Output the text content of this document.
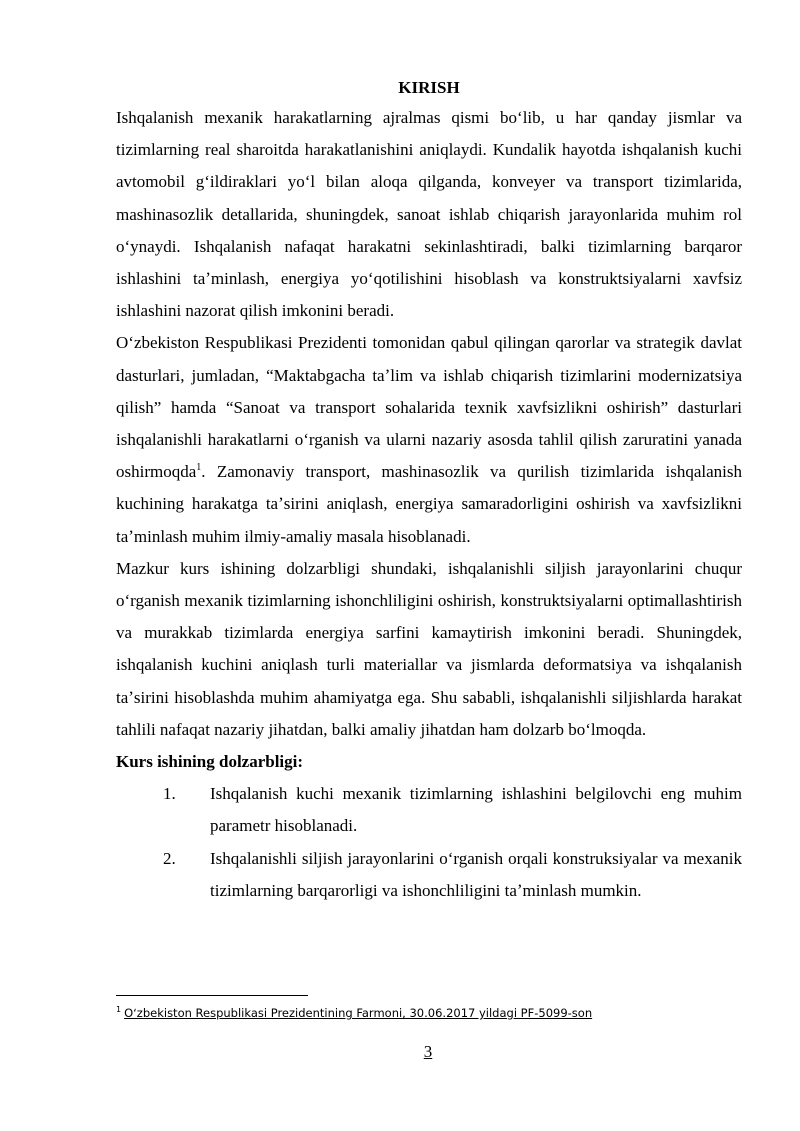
KIRISH

Ishqalanish mexanik harakatlarning ajralmas qismi boʻlib, u har qanday jismlar va tizimlarning real sharoitda harakatlanishini aniqlaydi. Kundalik hayotda ishqalanish kuchi avtomobil gʻildiraklari yoʻl bilan aloqa qilganda, konveyer va transport tizimlarida, mashinasozlik detallarida, shuningdek, sanoat ishlab chiqarish jarayonlarida muhim rol oʻynaydi. Ishqalanish nafaqat harakatni sekinlashtiradi, balki tizimlarning barqaror ishlashini taʼminlash, energiya yoʻqotilishini hisoblash va konstruktsiyalarni xavfsiz ishlashini nazorat qilish imkonini beradi.

Oʻzbekiston Respublikasi Prezidenti tomonidan qabul qilingan qarorlar va strategik davlat dasturlari, jumladan, “Maktabgacha taʼlim va ishlab chiqarish tizimlarini modernizatsiya qilish” hamda “Sanoat va transport sohalarida texnik xavfsizlikni oshirish” dasturlari ishqalanishli harakatlarni oʻrganish va ularni nazariy asosda tahlil qilish zaruratini yanada oshirmoqda$^1$. Zamonaviy transport, mashinasozlik va qurilish tizimlarida ishqalanish kuchining harakatga taʼsirini aniqlash, energiya samaradorligini oshirish va xavfsizlikni taʼminlash muhim ilmiy-amaliy masala hisoblanadi.

Mazkur kurs ishining dolzarbligi shundaki, ishqalanishli siljish jarayonlarini chuqur oʻrganish mexanik tizimlarning ishonchliligini oshirish, konstruktsiyalarni optimallashtirish va murakkab tizimlarda energiya sarfini kamaytirish imkonini beradi. Shuningdek, ishqalanish kuchini aniqlash turli materiallar va jismlarda deformatsiya va ishqalanish taʼsirini hisoblashda muhim ahamiyatga ega. Shu sababli, ishqalanishli siljishlarda harakat tahlili nafaqat nazariy jihatdan, balki amaliy jihatdan ham dolzarb boʻlmoqda.

Kurs ishining dolzarbligi:

1. Ishqalanish kuchi mexanik tizimlarning ishlashini belgilovchi eng muhim parametr hisoblanadi.
2. Ishqalanishli siljish jarayonlarini oʻrganish orqali konstruksiyalar va mexanik tizimlarning barqarorligi va ishonchliligini taʼminlash mumkin.
$^1$ Oʻzbekiston Respublikasi Prezidentining Farmoni, 30.06.2017 yildagi PF-5099-son
3
